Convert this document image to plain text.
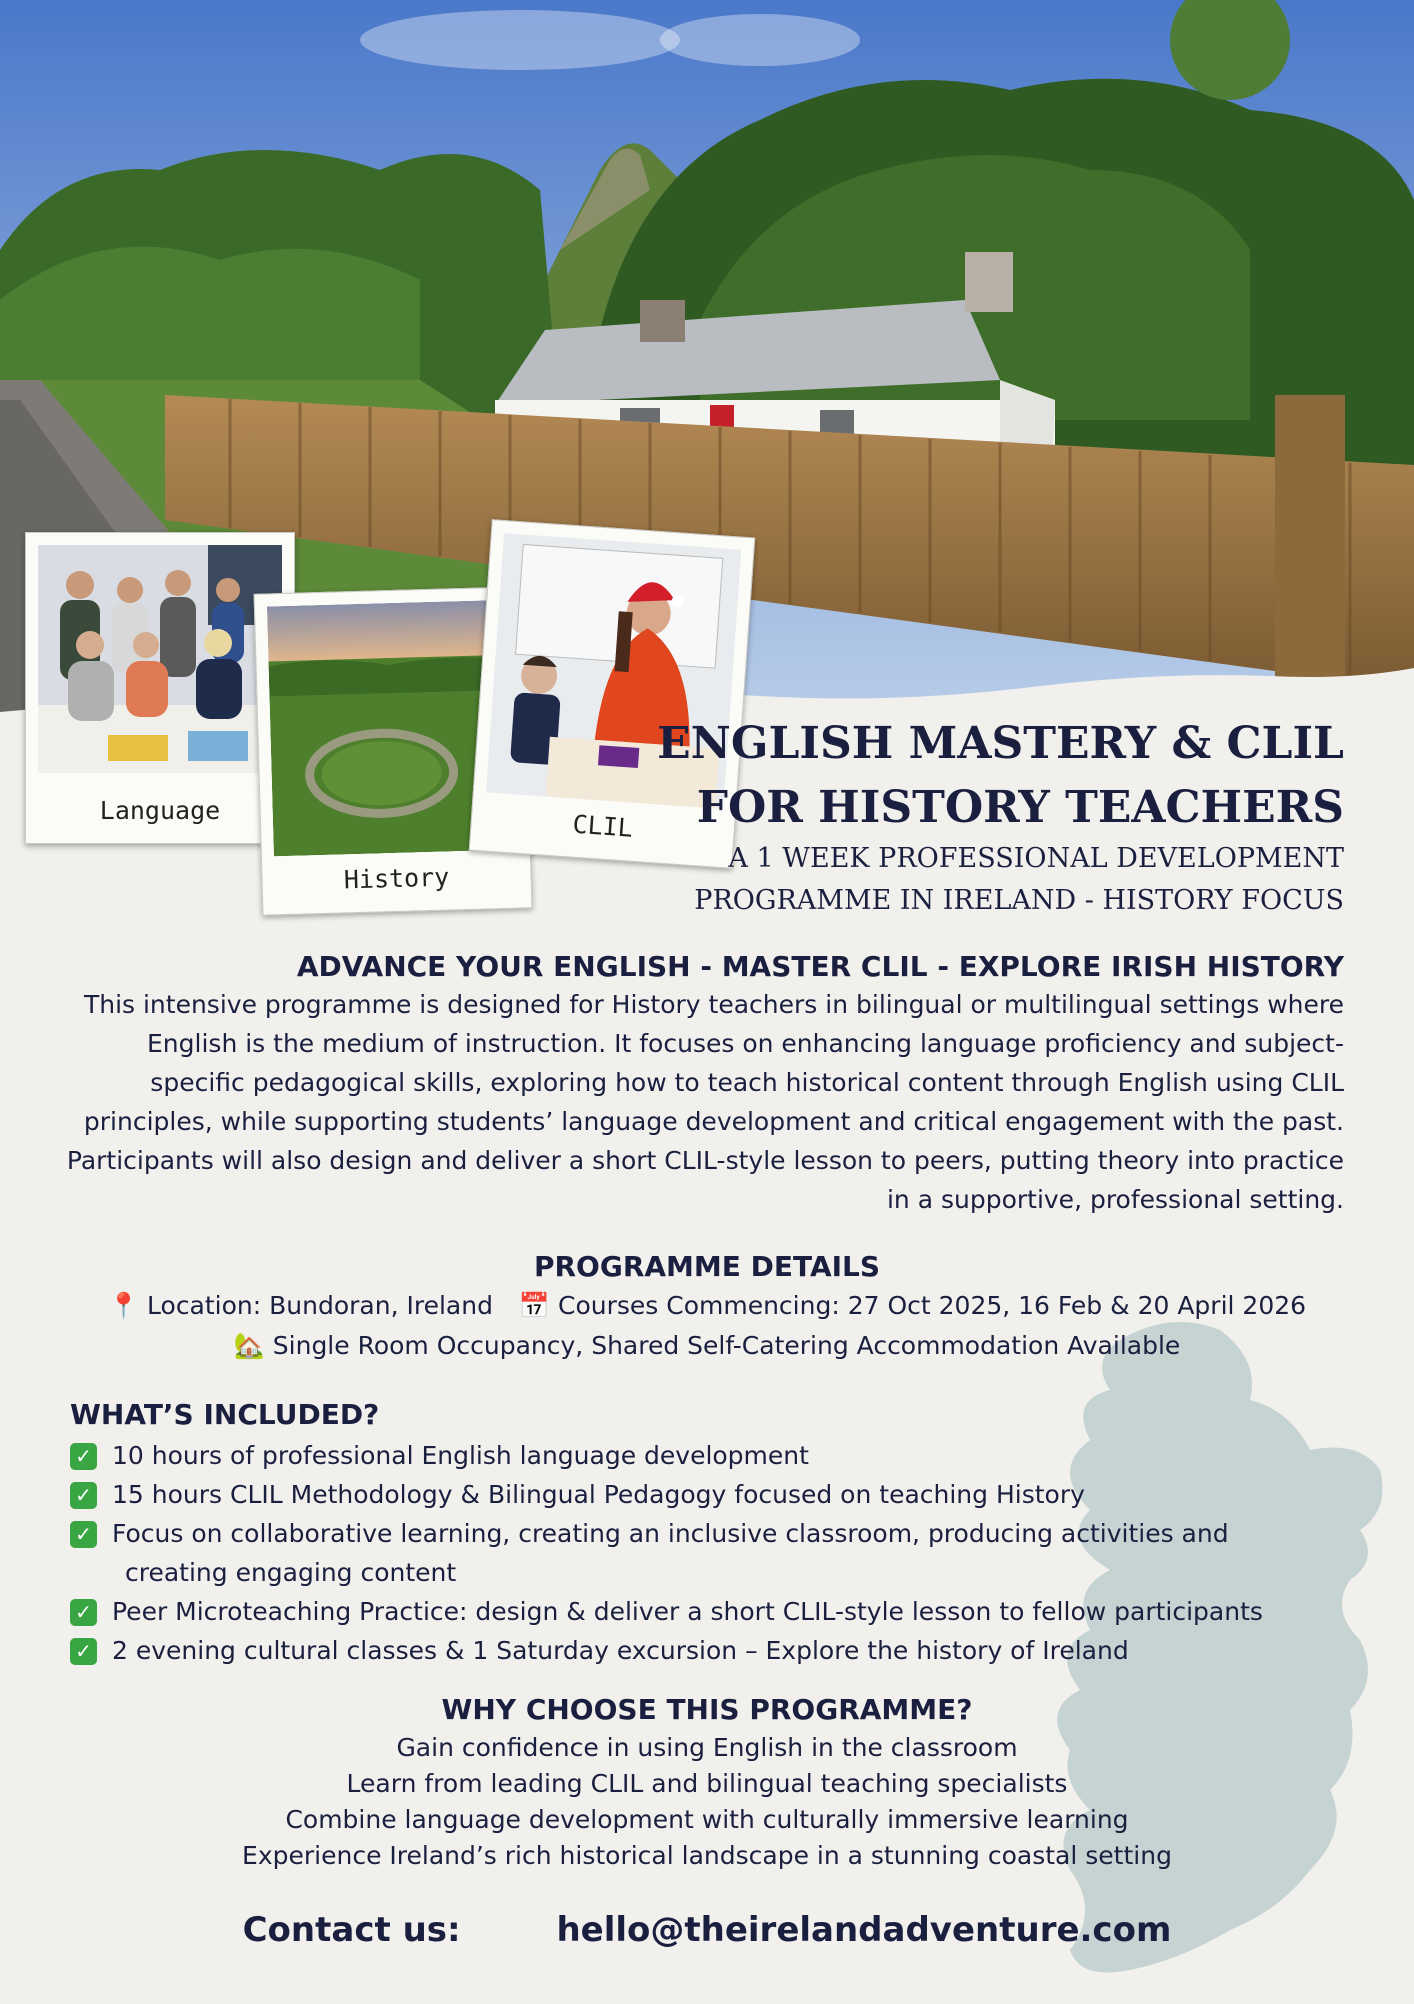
Language
History
CLIL
ENGLISH MASTERY & CLIL
FOR HISTORY TEACHERS

A 1 WEEK PROFESSIONAL DEVELOPMENT
PROGRAMME IN IRELAND - HISTORY FOCUS

ADVANCE YOUR ENGLISH - MASTER CLIL - EXPLORE IRISH HISTORY

This intensive programme is designed for History teachers in bilingual or multilingual settings where English is the medium of instruction. It focuses on enhancing language proficiency and subject-specific pedagogical skills, exploring how to teach historical content through English using CLIL principles, while supporting students’ language development and critical engagement with the past. Participants will also design and deliver a short CLIL-style lesson to peers, putting theory into practice in a supportive, professional setting.

PROGRAMME DETAILS

📍 Location: Bundoran, Ireland 📅 Courses Commencing: 27 Oct 2025, 16 Feb & 20 April 2026
🏡 Single Room Occupancy, Shared Self-Catering Accommodation Available

WHAT’S INCLUDED?
✓ 10 hours of professional English language development
✓ 15 hours CLIL Methodology & Bilingual Pedagogy focused on teaching History
✓ Focus on collaborative learning, creating an inclusive classroom, producing activities and
creating engaging content
✓ Peer Microteaching Practice: design & deliver a short CLIL-style lesson to fellow participants
✓ 2 evening cultural classes & 1 Saturday excursion – Explore the history of Ireland
WHY CHOOSE THIS PROGRAMME?
Gain confidence in using English in the classroom
Learn from leading CLIL and bilingual teaching specialists
Combine language development with culturally immersive learning
Experience Ireland’s rich historical landscape in a stunning coastal setting
Contact us:	hello@theirelandadventure.com
